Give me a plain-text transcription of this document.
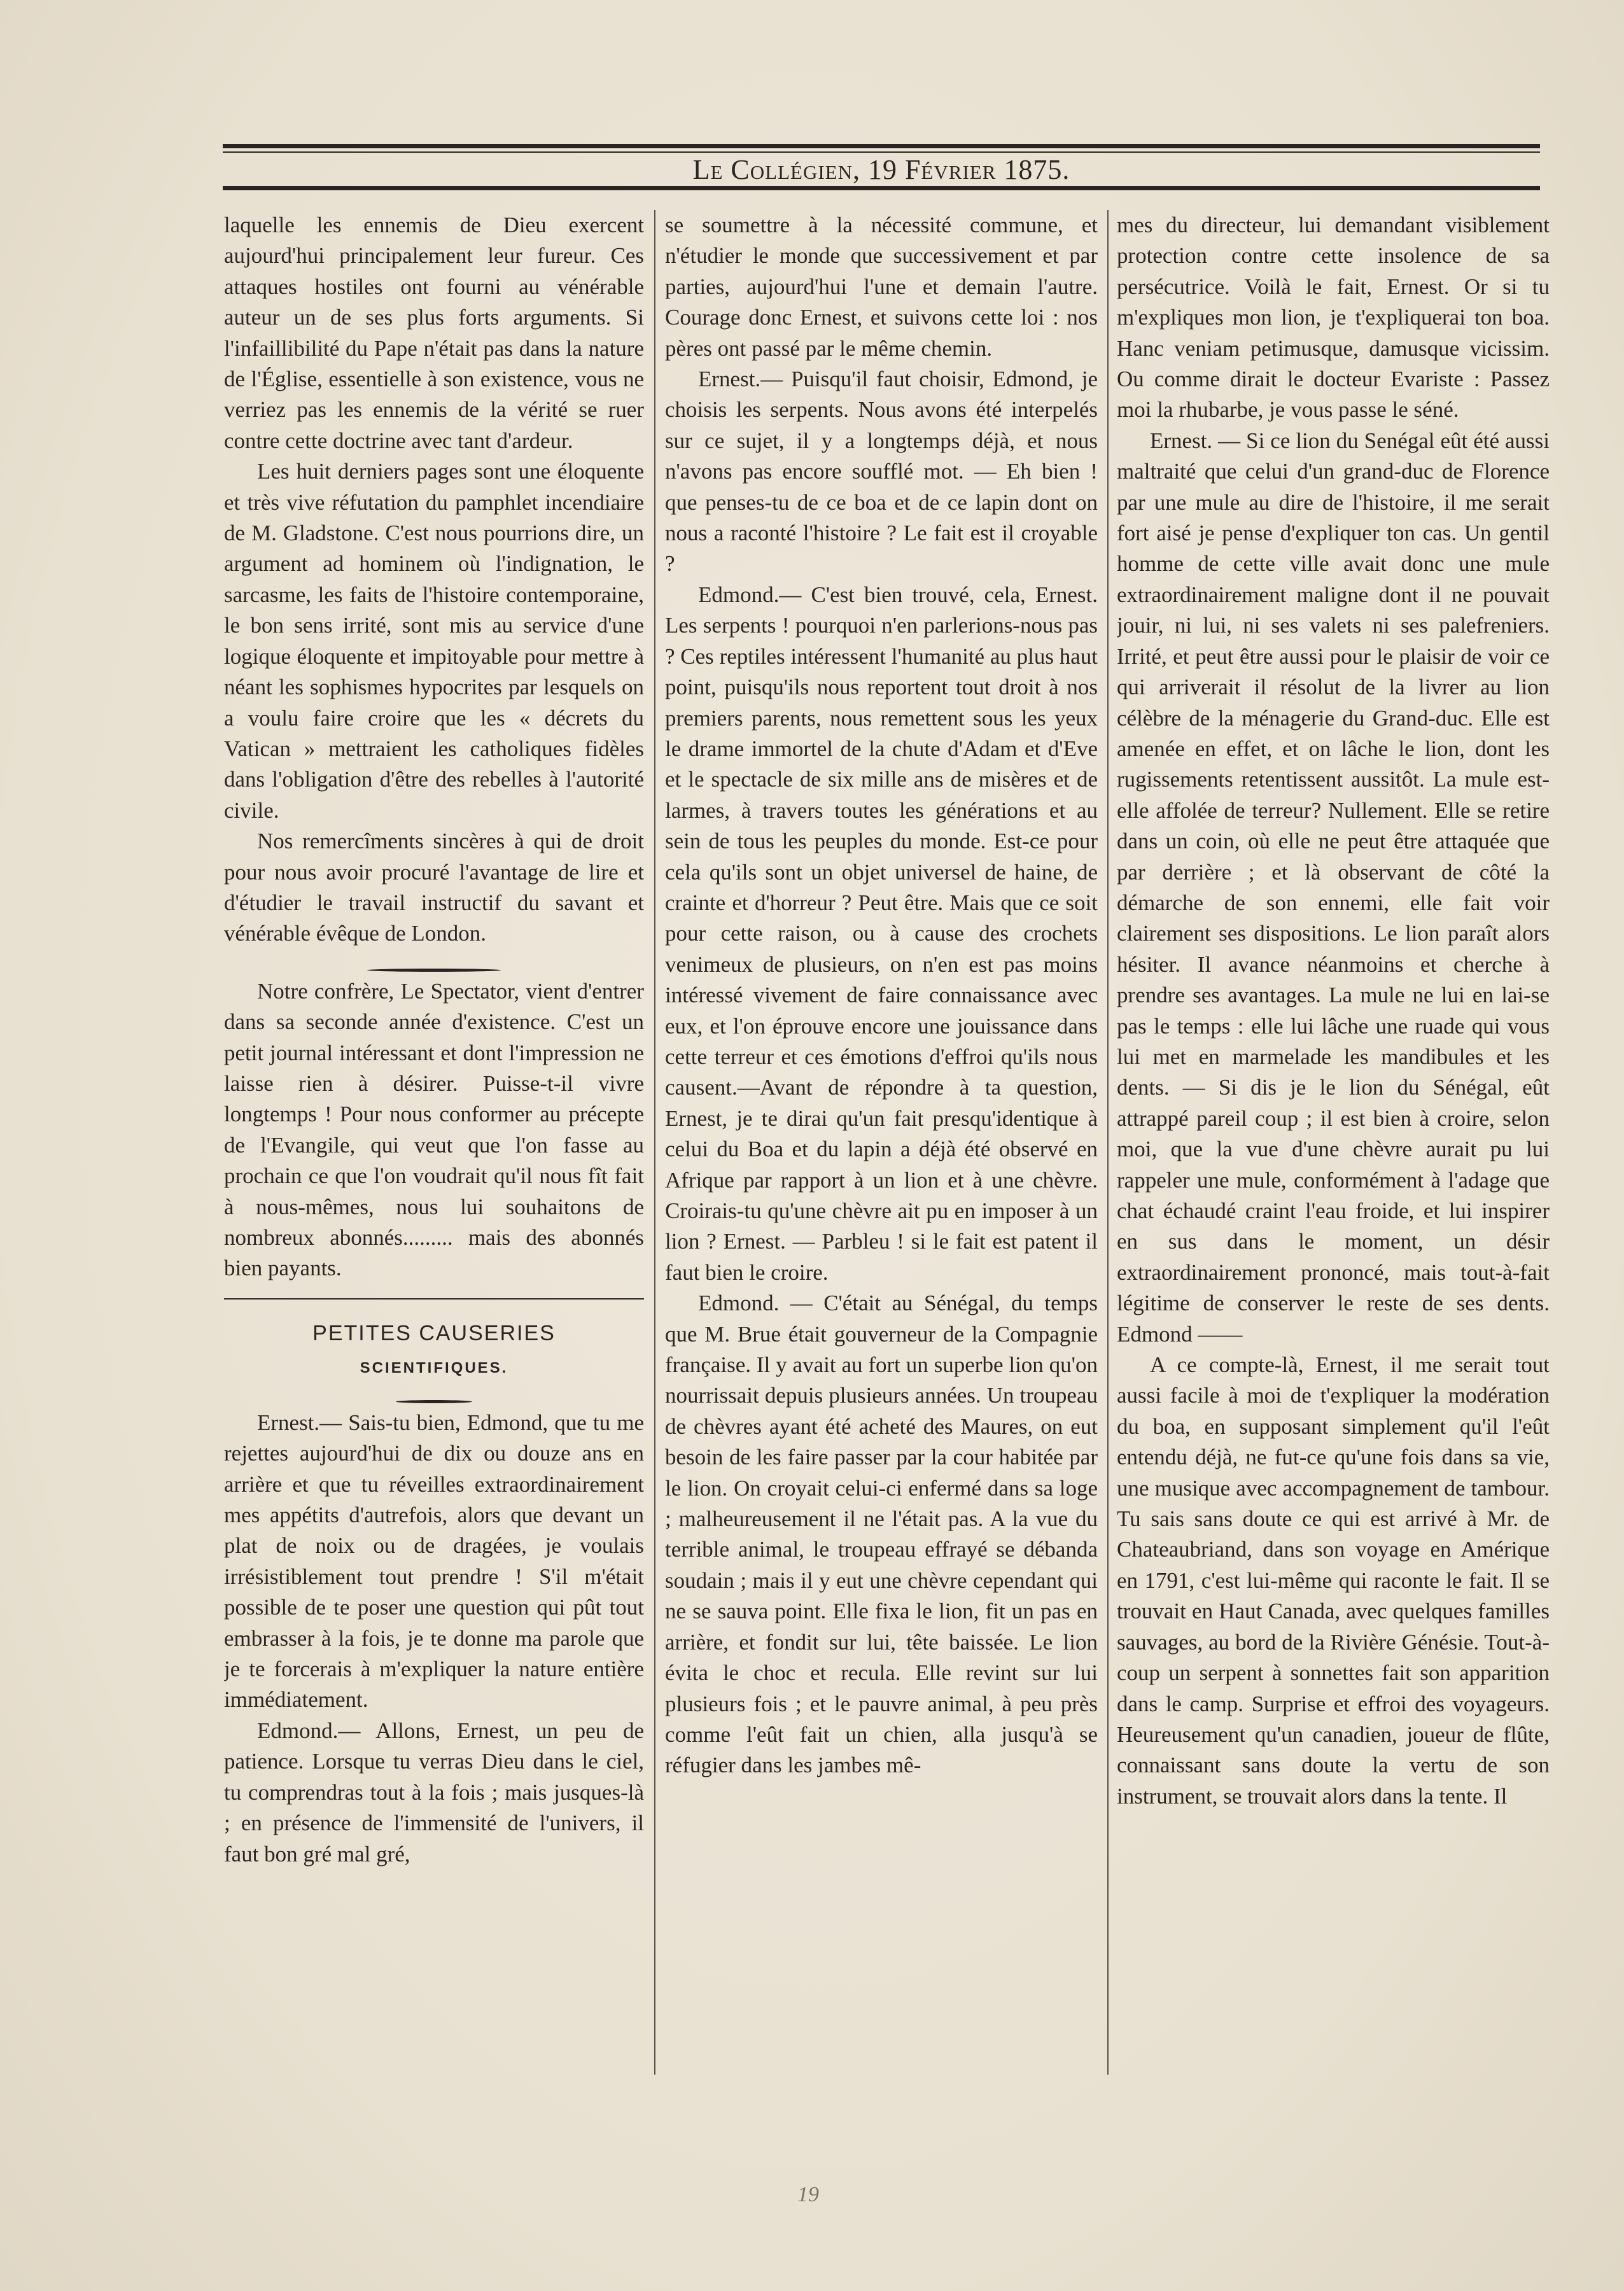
Le Collégien, 19 Février 1875.

laquelle les ennemis de Dieu exercent aujourd'hui principalement leur fureur. Ces attaques hostiles ont fourni au vénérable auteur un de ses plus forts arguments. Si l'infaillibilité du Pape n'était pas dans la nature de l'Église, essentielle à son existence, vous ne verriez pas les ennemis de la vérité se ruer contre cette doctrine avec tant d'ardeur.

Les huit derniers pages sont une éloquente et très vive réfutation du pamphlet incendiaire de M. Gladstone. C'est nous pourrions dire, un argument ad hominem où l'indignation, le sarcasme, les faits de l'histoire contemporaine, le bon sens irrité, sont mis au service d'une logique éloquente et impitoyable pour mettre à néant les sophismes hypocrites par lesquels on a voulu faire croire que les « décrets du Vatican » mettraient les catholiques fidèles dans l'obligation d'être des rebelles à l'autorité civile.

Nos remercîments sincères à qui de droit pour nous avoir procuré l'avantage de lire et d'étudier le travail instructif du savant et vénérable évêque de London.

Notre confrère, Le Spectator, vient d'entrer dans sa seconde année d'existence. C'est un petit journal intéressant et dont l'impression ne laisse rien à désirer. Puisse-t-il vivre longtemps ! Pour nous conformer au précepte de l'Evangile, qui veut que l'on fasse au prochain ce que l'on voudrait qu'il nous fît fait à nous-mêmes, nous lui souhaitons de nombreux abonnés......... mais des abonnés bien payants.

PETITES CAUSERIES
SCIENTIFIQUES.

Ernest.— Sais-tu bien, Edmond, que tu me rejettes aujourd'hui de dix ou douze ans en arrière et que tu réveilles extraordinairement mes appétits d'autrefois, alors que devant un plat de noix ou de dragées, je voulais irrésistiblement tout prendre ! S'il m'était possible de te poser une question qui pût tout embrasser à la fois, je te donne ma parole que je te forcerais à m'expliquer la nature entière immédiatement.

Edmond.— Allons, Ernest, un peu de patience. Lorsque tu verras Dieu dans le ciel, tu comprendras tout à la fois ; mais jusques-là ; en présence de l'immensité de l'univers, il faut bon gré mal gré,

se soumettre à la nécessité commune, et n'étudier le monde que successivement et par parties, aujourd'hui l'une et demain l'autre. Courage donc Ernest, et suivons cette loi : nos pères ont passé par le même chemin.

Ernest.— Puisqu'il faut choisir, Edmond, je choisis les serpents. Nous avons été interpelés sur ce sujet, il y a longtemps déjà, et nous n'avons pas encore soufflé mot. — Eh bien ! que penses-tu de ce boa et de ce lapin dont on nous a raconté l'histoire ? Le fait est il croyable ?

Edmond.— C'est bien trouvé, cela, Ernest. Les serpents ! pourquoi n'en parlerions-nous pas ? Ces reptiles intéressent l'humanité au plus haut point, puisqu'ils nous reportent tout droit à nos premiers parents, nous remettent sous les yeux le drame immortel de la chute d'Adam et d'Eve et le spectacle de six mille ans de misères et de larmes, à travers toutes les générations et au sein de tous les peuples du monde. Est-ce pour cela qu'ils sont un objet universel de haine, de crainte et d'horreur ? Peut être. Mais que ce soit pour cette raison, ou à cause des crochets venimeux de plusieurs, on n'en est pas moins intéressé vivement de faire connaissance avec eux, et l'on éprouve encore une jouissance dans cette terreur et ces émotions d'effroi qu'ils nous causent.—Avant de répondre à ta question, Ernest, je te dirai qu'un fait presqu'identique à celui du Boa et du lapin a déjà été observé en Afrique par rapport à un lion et à une chèvre. Croirais-tu qu'une chèvre ait pu en imposer à un lion ? Ernest. — Parbleu ! si le fait est patent il faut bien le croire.

Edmond. — C'était au Sénégal, du temps que M. Brue était gouverneur de la Compagnie française. Il y avait au fort un superbe lion qu'on nourrissait depuis plusieurs années. Un troupeau de chèvres ayant été acheté des Maures, on eut besoin de les faire passer par la cour habitée par le lion. On croyait celui-ci enfermé dans sa loge ; malheureusement il ne l'était pas. A la vue du terrible animal, le troupeau effrayé se débanda soudain ; mais il y eut une chèvre cependant qui ne se sauva point. Elle fixa le lion, fit un pas en arrière, et fondit sur lui, tête baissée. Le lion évita le choc et recula. Elle revint sur lui plusieurs fois ; et le pauvre animal, à peu près comme l'eût fait un chien, alla jusqu'à se réfugier dans les jambes mê-

mes du directeur, lui demandant visiblement protection contre cette insolence de sa persécutrice. Voilà le fait, Ernest. Or si tu m'expliques mon lion, je t'expliquerai ton boa. Hanc veniam petimusque, damusque vicissim. Ou comme dirait le docteur Evariste : Passez moi la rhubarbe, je vous passe le séné.

Ernest. — Si ce lion du Senégal eût été aussi maltraité que celui d'un grand-duc de Florence par une mule au dire de l'histoire, il me serait fort aisé je pense d'expliquer ton cas. Un gentil homme de cette ville avait donc une mule extraordinairement maligne dont il ne pouvait jouir, ni lui, ni ses valets ni ses palefreniers. Irrité, et peut être aussi pour le plaisir de voir ce qui arriverait il résolut de la livrer au lion célèbre de la ménagerie du Grand-duc. Elle est amenée en effet, et on lâche le lion, dont les rugissements retentissent aussitôt. La mule est-elle affolée de terreur? Nullement. Elle se retire dans un coin, où elle ne peut être attaquée que par derrière ; et là observant de côté la démarche de son ennemi, elle fait voir clairement ses dispositions. Le lion paraît alors hésiter. Il avance néanmoins et cherche à prendre ses avantages. La mule ne lui en lai-se pas le temps : elle lui lâche une ruade qui vous lui met en marmelade les mandibules et les dents. — Si dis je le lion du Sénégal, eût attrappé pareil coup ; il est bien à croire, selon moi, que la vue d'une chèvre aurait pu lui rappeler une mule, conformément à l'adage que chat échaudé craint l'eau froide, et lui inspirer en sus dans le moment, un désir extraordinairement prononcé, mais tout-à-fait légitime de conserver le reste de ses dents. Edmond ——

A ce compte-là, Ernest, il me serait tout aussi facile à moi de t'expliquer la modération du boa, en supposant simplement qu'il l'eût entendu déjà, ne fut-ce qu'une fois dans sa vie, une musique avec accompagnement de tambour. Tu sais sans doute ce qui est arrivé à Mr. de Chateaubriand, dans son voyage en Amérique en 1791, c'est lui-même qui raconte le fait. Il se trouvait en Haut Canada, avec quelques familles sauvages, au bord de la Rivière Génésie. Tout-à-coup un serpent à sonnettes fait son apparition dans le camp. Surprise et effroi des voyageurs. Heureusement qu'un canadien, joueur de flûte, connaissant sans doute la vertu de son instrument, se trouvait alors dans la tente. Il

19
